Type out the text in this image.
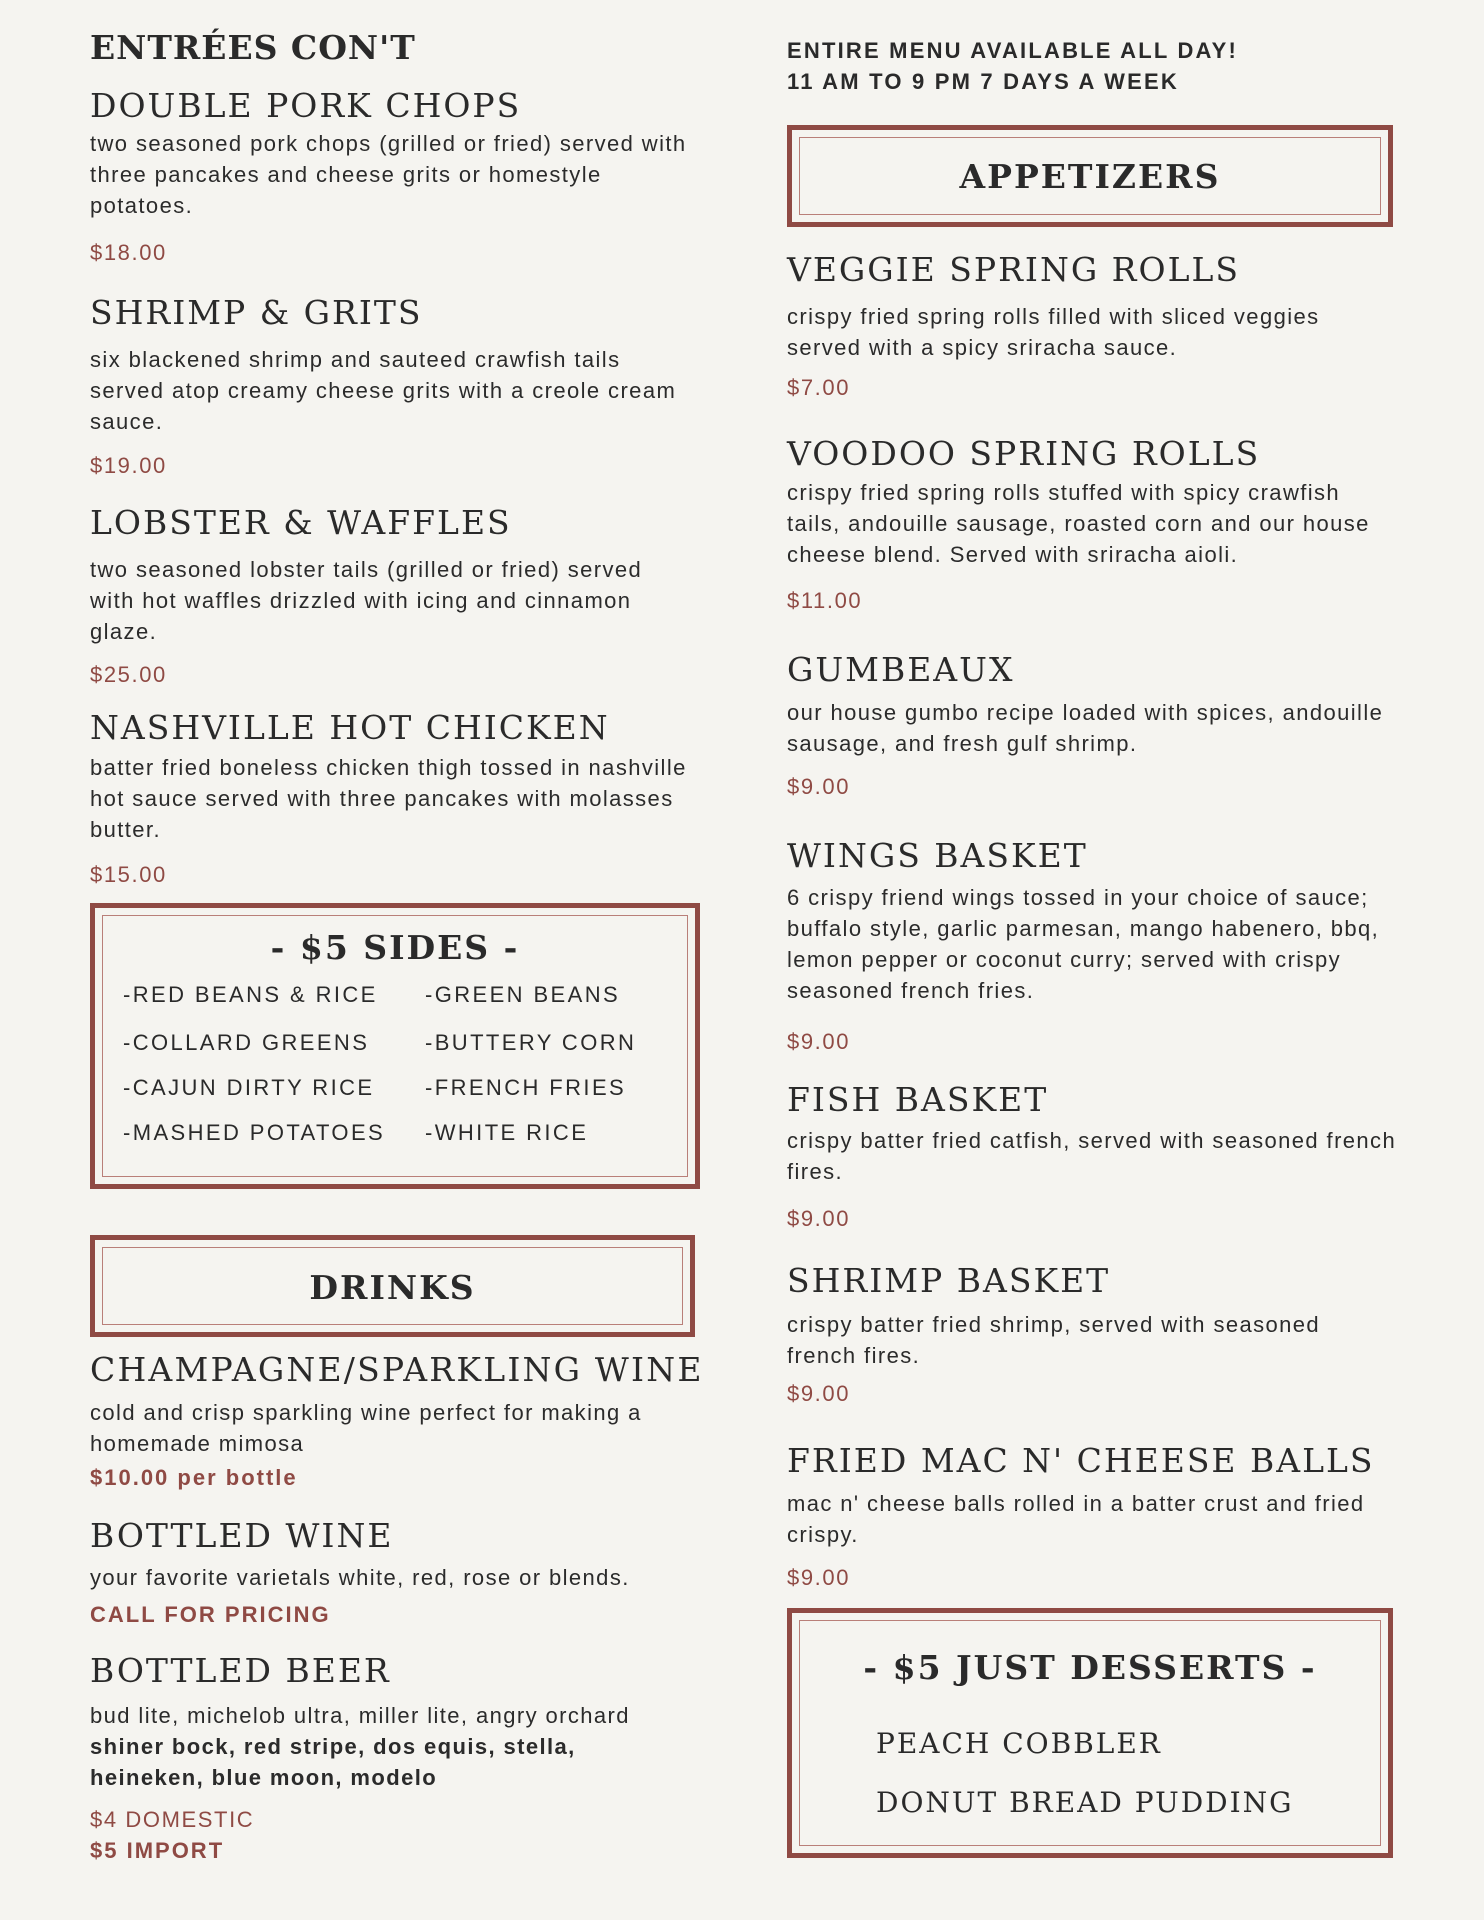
ENTRÉES CON'T
DOUBLE PORK CHOPS
two seasoned pork chops (grilled or fried) served with three pancakes and cheese grits or homestyle potatoes.
$18.00
SHRIMP & GRITS
six blackened shrimp and sauteed crawfish tails served atop creamy cheese grits with a creole cream sauce.
$19.00
LOBSTER & WAFFLES
two seasoned lobster tails (grilled or fried) served with hot waffles drizzled with icing and cinnamon glaze.
$25.00
NASHVILLE HOT CHICKEN
batter fried boneless chicken thigh tossed in nashville hot sauce served with three pancakes with molasses butter.
$15.00
- $5 SIDES -
-RED BEANS & RICE -GREEN BEANS
-COLLARD GREENS	-BUTTERY CORN
-CAJUN DIRTY RICE -FRENCH FRIES
-MASHED POTATOES -WHITE RICE
DRINKS
CHAMPAGNE/SPARKLING WINE
cold and crisp sparkling wine perfect for making a homemade mimosa
$10.00 per bottle
BOTTLED WINE
your favorite varietals white, red, rose or blends.
CALL FOR PRICING
BOTTLED BEER
bud lite, michelob ultra, miller lite, angry orchard
shiner bock, red stripe, dos equis, stella, heineken, blue moon, modelo
$4 DOMESTIC
$5 IMPORT
ENTIRE MENU AVAILABLE ALL DAY!
11 AM TO 9 PM 7 DAYS A WEEK
APPETIZERS
VEGGIE SPRING ROLLS
crispy fried spring rolls filled with sliced veggies served with a spicy sriracha sauce.
$7.00
VOODOO SPRING ROLLS
crispy fried spring rolls stuffed with spicy crawfish tails, andouille sausage, roasted corn and our house cheese blend. Served with sriracha aioli.
$11.00
GUMBEAUX
our house gumbo recipe loaded with spices, andouille sausage, and fresh gulf shrimp.
$9.00
WINGS BASKET
6 crispy friend wings tossed in your choice of sauce; buffalo style, garlic parmesan, mango habenero, bbq, lemon pepper or coconut curry; served with crispy seasoned french fries.
$9.00
FISH BASKET
crispy batter fried catfish, served with seasoned french fires.
$9.00
SHRIMP BASKET
crispy batter fried shrimp, served with seasoned french fires.
$9.00
FRIED MAC N' CHEESE BALLS
mac n' cheese balls rolled in a batter crust and fried crispy.
$9.00
- $5 JUST DESSERTS -
PEACH COBBLER
DONUT BREAD PUDDING
